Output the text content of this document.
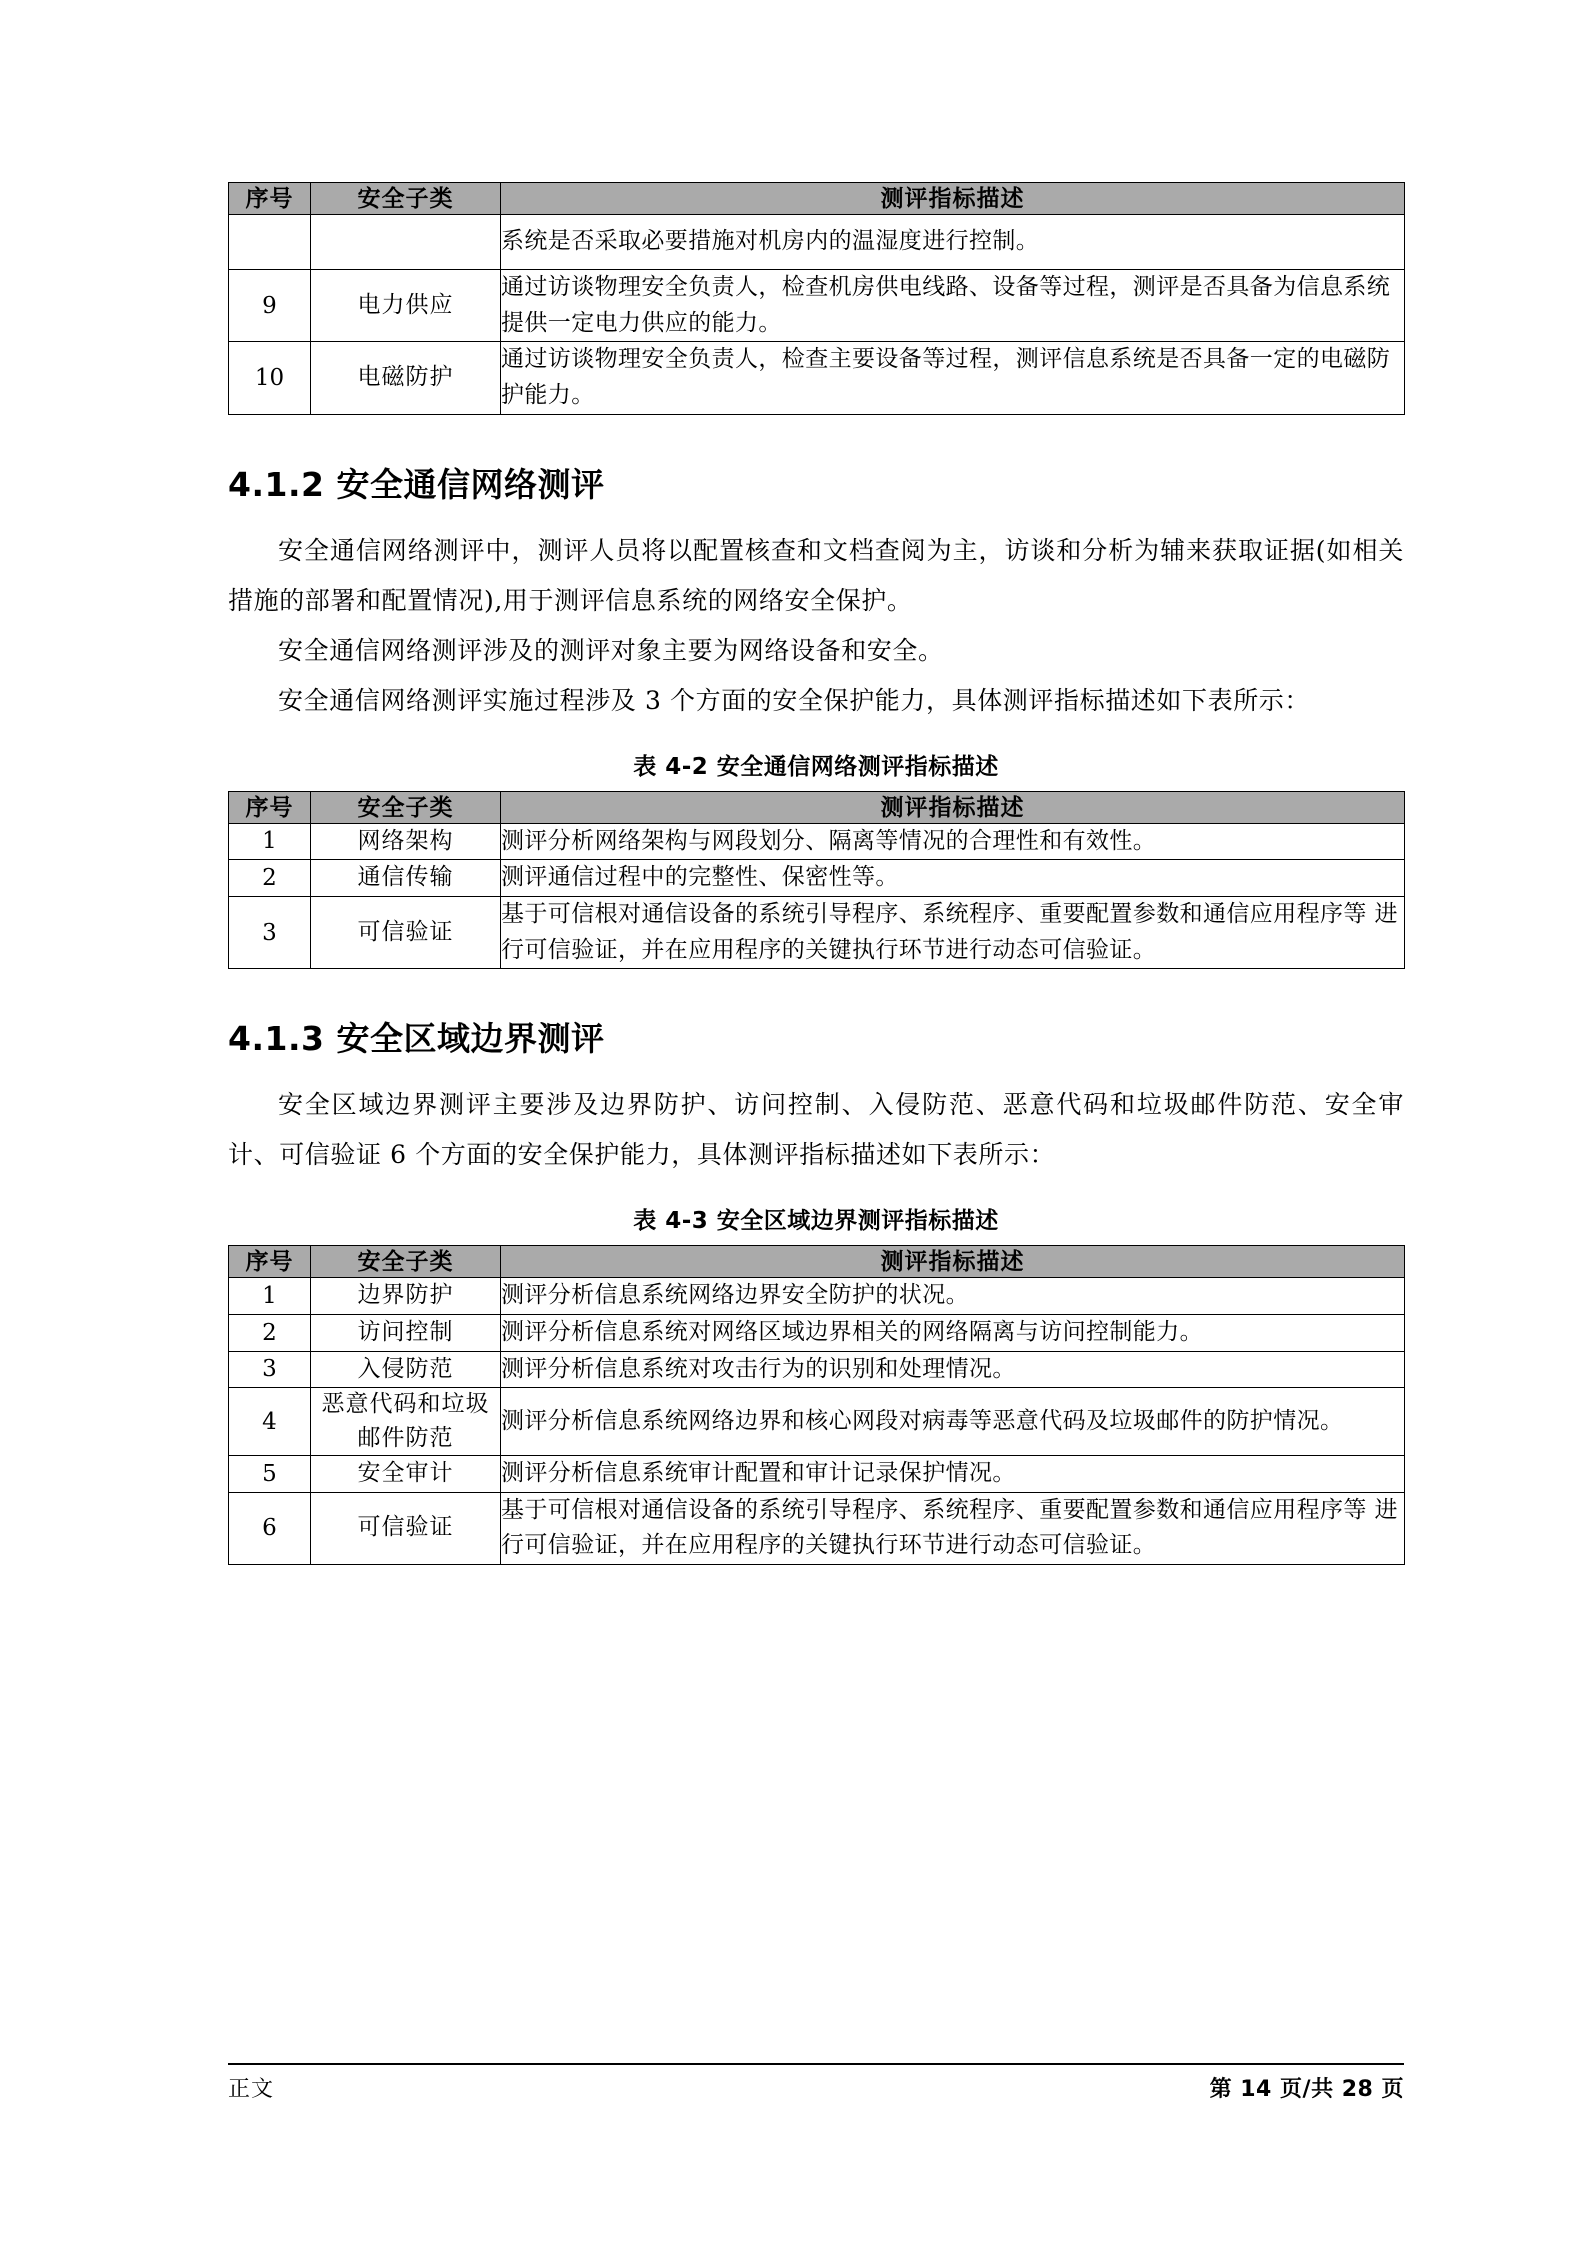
序号	安全子类	测评指标描述
		系统是否采取必要措施对机房内的温湿度进行控制。
9	电力供应	通过访谈物理安全负责人，检查机房供电线路、设备等过程，测评是否具备为信息系统提供一定电力供应的能力。
10	电磁防护	通过访谈物理安全负责人，检查主要设备等过程，测评信息系统是否具备一定的电磁防护能力。
4.1.2 安全通信网络测评

安全通信网络测评中，测评人员将以配置核查和文档查阅为主，访谈和分析为辅来获取证据(如相关措施的部署和配置情况),用于测评信息系统的网络安全保护。

安全通信网络测评涉及的测评对象主要为网络设备和安全。

安全通信网络测评实施过程涉及 3 个方面的安全保护能力，具体测评指标描述如下表所示：

表 4-2 安全通信网络测评指标描述

序号	安全子类	测评指标描述
1	网络架构	测评分析网络架构与网段划分、隔离等情况的合理性和有效性。
2	通信传输	测评通信过程中的完整性、保密性等。
3	可信验证	基于可信根对通信设备的系统引导程序、系统程序、重要配置参数和通信应用程序等 进行可信验证，并在应用程序的关键执行环节进行动态可信验证。
4.1.3 安全区域边界测评

安全区域边界测评主要涉及边界防护、访问控制、入侵防范、恶意代码和垃圾邮件防范、安全审计、可信验证 6 个方面的安全保护能力，具体测评指标描述如下表所示：

表 4-3 安全区域边界测评指标描述

序号	安全子类	测评指标描述
1	边界防护	测评分析信息系统网络边界安全防护的状况。
2	访问控制	测评分析信息系统对网络区域边界相关的网络隔离与访问控制能力。
3	入侵防范	测评分析信息系统对攻击行为的识别和处理情况。
4	恶意代码和垃圾邮件防范	测评分析信息系统网络边界和核心网段对病毒等恶意代码及垃圾邮件的防护情况。
5	安全审计	测评分析信息系统审计配置和审计记录保护情况。
6	可信验证	基于可信根对通信设备的系统引导程序、系统程序、重要配置参数和通信应用程序等 进行可信验证，并在应用程序的关键执行环节进行动态可信验证。
正文	第 14 页/共 28 页
